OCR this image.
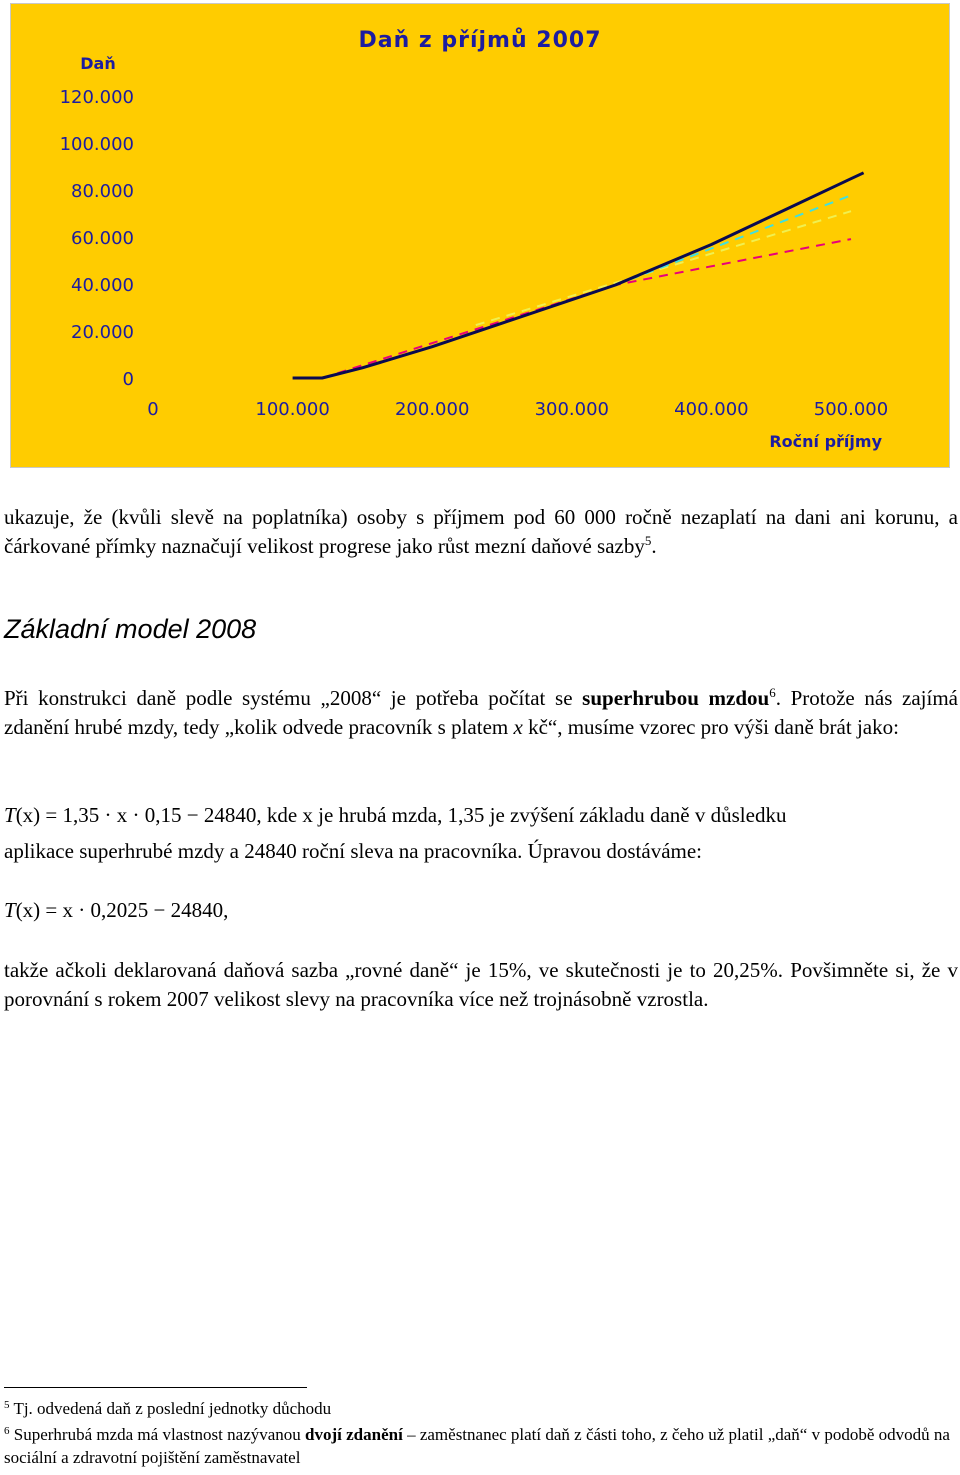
Daň z příjmů 2007
Daň
Roční příjmy
0
20.000
40.000
60.000
80.000
100.000
120.000
0	100.000	200.000	300.000	400.000	500.000

ukazuje, že (kvůli slevě na poplatníka) osoby s příjmem pod 60 000 ročně nezaplatí na dani ani korunu, a čárkované přímky naznačují velikost progrese jako růst mezní daňové sazby$^5$.

Základní model 2008

Při konstrukci daně podle systému „2008“ je potřeba počítat se superhrubou mzdou$^6$. Protože nás zajímá zdanění hrubé mzdy, tedy „kolik odvede pracovník s platem x kč“, musíme vzorec pro výši daně brát jako:

T(x) = 1,35 · x · 0,15 − 24840, kde x je hrubá mzda, 1,35 je zvýšení základu daně v důsledku

aplikace superhrubé mzdy a 24840 roční sleva na pracovníka. Úpravou dostáváme:

T(x) = x · 0,2025 − 24840,

takže ačkoli deklarovaná daňová sazba „rovné daně“ je 15%, ve skutečnosti je to 20,25%. Povšimněte si, že v porovnání s rokem 2007 velikost slevy na pracovníka více než trojnásobně vzrostla.

$^5$ Tj. odvedená daň z poslední jednotky důchodu

$^6$ Superhrubá mzda má vlastnost nazývanou dvojí zdanění – zaměstnanec platí daň z části toho, z čeho už platil „daň“ v podobě odvodů na sociální a zdravotní pojištění zaměstnavatel
